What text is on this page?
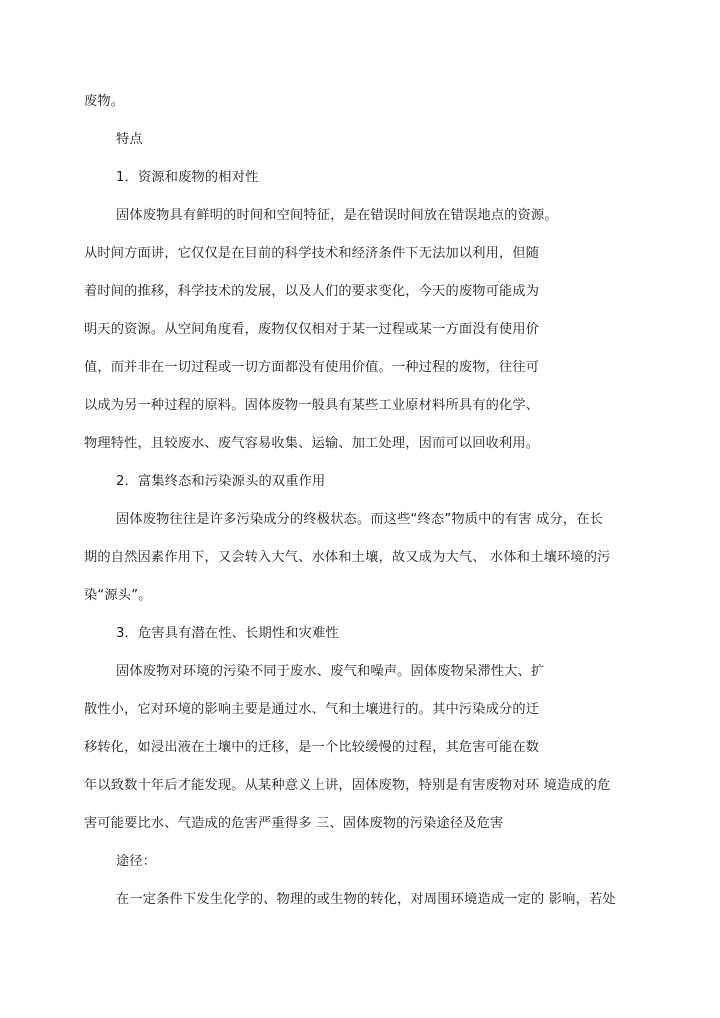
废物。
特点
1．资源和废物的相对性
固体废物具有鲜明的时间和空间特征，是在错误时间放在错误地点的资源。
从时间方面讲，它仅仅是在目前的科学技术和经济条件下无法加以利用，但随
着时间的推移，科学技术的发展，以及人们的要求变化，今天的废物可能成为
明天的资源。从空间角度看，废物仅仅相对于某一过程或某一方面没有使用价
值，而并非在一切过程或一切方面都没有使用价值。一种过程的废物，往往可
以成为另一种过程的原料。固体废物一般具有某些工业原材料所具有的化学、
物理特性，且较废水、废气容易收集、运输、加工处理，因而可以回收利用。
2．富集终态和污染源头的双重作用
固体废物往往是许多污染成分的终极状态。而这些“终态”物质中的有害 成分，在长
期的自然因素作用下，又会转入大气、水体和土壤，故又成为大气、 水体和土壤环境的污
染“源头”。
3．危害具有潜在性、长期性和灾难性
固体废物对环境的污染不同于废水、废气和噪声。固体废物呆滞性大、扩
散性小，它对环境的影响主要是通过水、气和土壤进行的。其中污染成分的迁
移转化，如浸出液在土壤中的迁移，是一个比较缓慢的过程，其危害可能在数
年以致数十年后才能发现。从某种意义上讲，固体废物，特别是有害废物对环 境造成的危
害可能要比水、气造成的危害严重得多 三、固体废物的污染途径及危害
途径：
在一定条件下发生化学的、物理的或生物的转化，对周围环境造成一定的 影响，若处
